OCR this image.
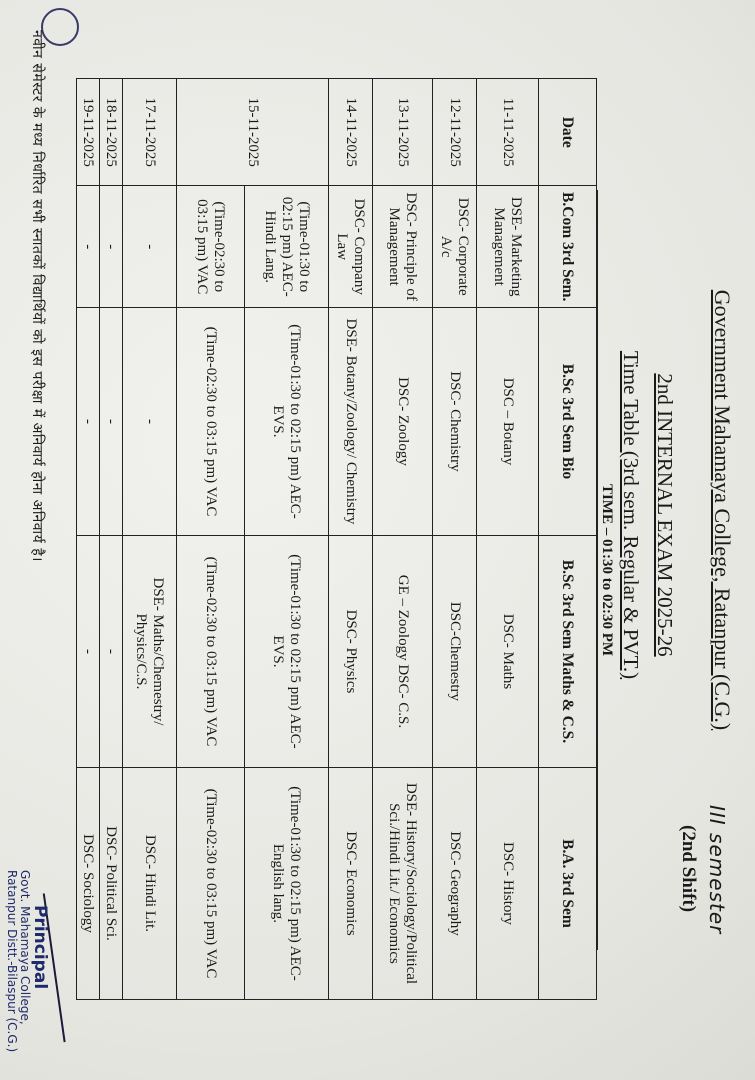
Government Mahamaya College, Ratanpur (C.G.)
III semester
(2nd Shift)
2nd INTERNAL EXAM 2025-26
Time Table (3rd sem. Regular & PVT.)
TIME – 01:30 to 02:30 PM
Date	B.Com 3rd Sem.	B.Sc 3rd Sem Bio	B.Sc 3rd Sem Maths & C.S.	B.A. 3rd Sem
11-11-2025	DSE- Marketing Management	DSC – Botany	DSC- Maths	DSC- History
12-11-2025	DSC- Corporate A/c	DSC- Chemistry	DSC-Chemestry	DSC- Geography
13-11-2025	DSC- Principle of Management	DSC- Zoology	GE – Zoology DSC- C.S.	DSE- History/Sociology/Political Sci./Hindi Lit./ Economics
14-11-2025	DSC- Company Law	DSE- Botany/Zoology/ Chemistry	DSC- Physics	DSC- Economics
15-11-2025	(Time-01:30 to 02:15 pm) AEC- Hindi Lang.	(Time-01:30 to 02:15 pm) AEC- EVS.	(Time-01:30 to 02:15 pm) AEC- EVS.	(Time-01:30 to 02:15 pm) AEC-English lang.
	(Time-02:30 to 03:15 pm) VAC	(Time-02:30 to 03:15 pm) VAC	(Time-02:30 to 03:15 pm) VAC	(Time-02:30 to 03:15 pm) VAC
17-11-2025	-	-	DSE- Maths/Chemestry/ Physics/C.S.	DSC- Hindi Lit.
18-11-2025	-	-	-	DSC- Political Sci.
19-11-2025	-	-	-	DSC- Sociology
नवीन सेमेस्टर के मध्य निर्धारित सभी स्नातकों विद्यार्थियों को इस परीक्षा में अनिवार्य होना अनिवार्य है।
Principal
Govt. Mahamaya College, Ratanpur Distt.-Bilaspur (C.G.)
